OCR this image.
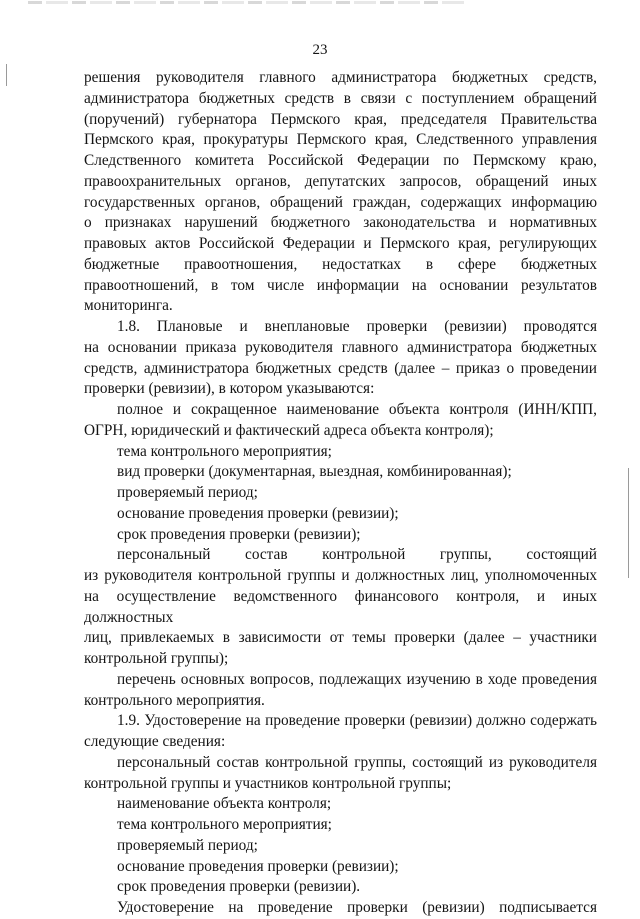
23

решения руководителя главного администратора бюджетных средств,

администратора бюджетных средств в связи с поступлением обращений

(поручений) губернатора Пермского края, председателя Правительства

Пермского края, прокуратуры Пермского края, Следственного управления

Следственного комитета Российской Федерации по Пермскому краю,

правоохранительных органов, депутатских запросов, обращений иных

государственных органов, обращений граждан, содержащих информацию

о признаках нарушений бюджетного законодательства и нормативных

правовых актов Российской Федерации и Пермского края, регулирующих

бюджетные правоотношения, недостатках в сфере бюджетных

правоотношений, в том числе информации на основании результатов

мониторинга.

1.8. Плановые и внеплановые проверки (ревизии) проводятся

на основании приказа руководителя главного администратора бюджетных

средств, администратора бюджетных средств (далее – приказ о проведении

проверки (ревизии), в котором указываются:

полное и сокращенное наименование объекта контроля (ИНН/КПП,

ОГРН, юридический и фактический адреса объекта контроля);

тема контрольного мероприятия;

вид проверки (документарная, выездная, комбинированная);

проверяемый период;

основание проведения проверки (ревизии);

срок проведения проверки (ревизии);

персональный состав контрольной группы, состоящий

из руководителя контрольной группы и должностных лиц, уполномоченных

на осуществление ведомственного финансового контроля, и иных должностных

лиц, привлекаемых в зависимости от темы проверки (далее – участники

контрольной группы);

перечень основных вопросов, подлежащих изучению в ходе проведения

контрольного мероприятия.

1.9. Удостоверение на проведение проверки (ревизии) должно содержать

следующие сведения:

персональный состав контрольной группы, состоящий из руководителя

контрольной группы и участников контрольной группы;

наименование объекта контроля;

тема контрольного мероприятия;

проверяемый период;

основание проведения проверки (ревизии);

срок проведения проверки (ревизии).

Удостоверение на проведение проверки (ревизии) подписывается
